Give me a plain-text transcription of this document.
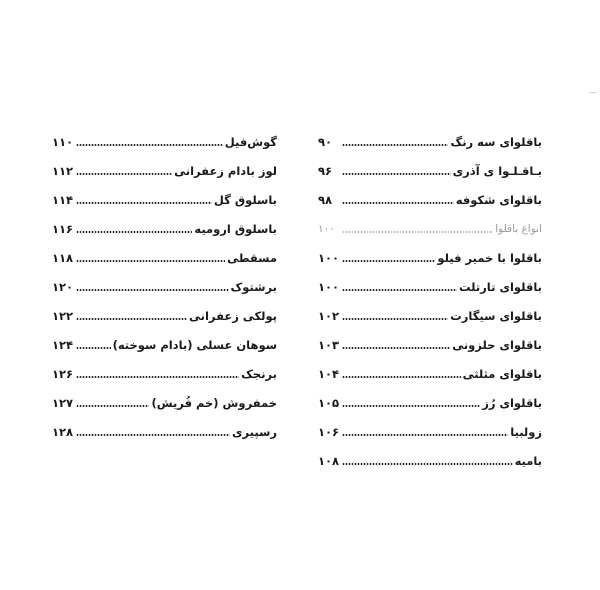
باقلوای سه رنگ
۹۰
بـاقـلـوا ی آذری
۹۶
باقلوای شکوفه
۹۸
انواع باقلوا
۱۰۰
باقلوا با خمیر فیلو
۱۰۰
باقلوای تارتلت
۱۰۰
باقلوای سیگارت
۱۰۲
باقلوای حلزونی
۱۰۳
باقلوای مثلثی
۱۰۴
باقلوای رُز
۱۰۵
زولبیا
۱۰۶
بامیه
۱۰۸
گوش‌فیل
۱۱۰
لوز بادام زعفرانی
۱۱۲
باسلوق گل
۱۱۴
باسلوق ارومیه
۱۱۶
مسقطی
۱۱۸
برشتوک
۱۲۰
پولکی زعفرانی
۱۲۲
سوهان عسلی (بادام سوخته)
۱۲۴
برنجک
۱۲۶
خمفروش (خم فُریش)
۱۲۷
رسپیری
۱۲۸
